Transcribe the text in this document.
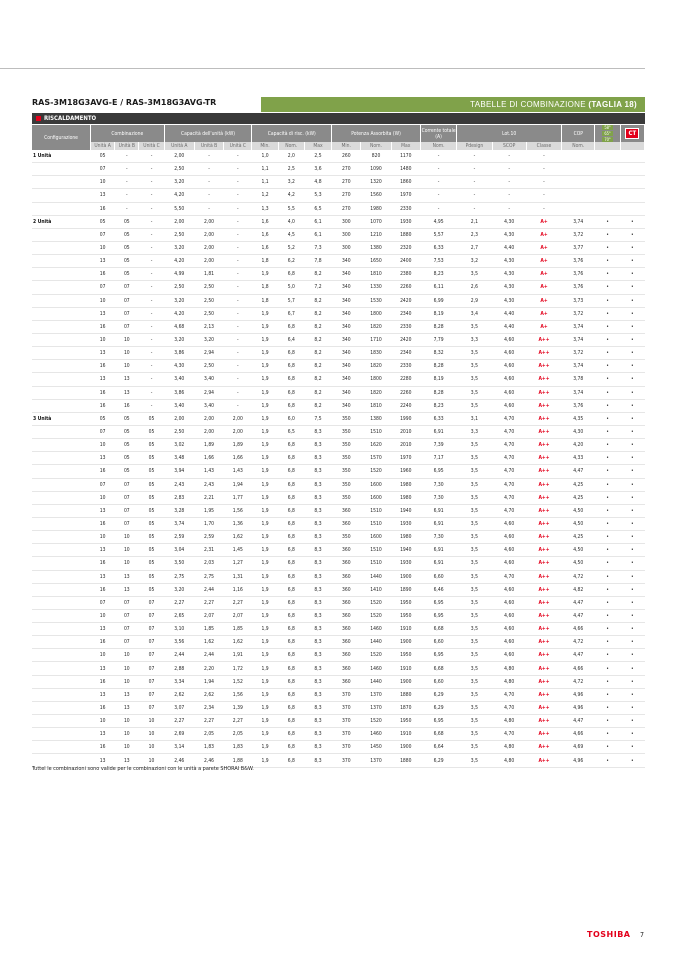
RAS-3M18G3AVG-E / RAS-3M18G3AVG-TR	TABELLE DI COMBINAZIONE (TAGLIA 18)
RISCALDAMENTO
Configurazione	Combinazione			Capacità dell'unità (kW)			Capacità di risc. (kW)			Potenza Assorbita (W)			Corrente totale (A)	Lot.10			COP	58°
65°
70°	CT
	Unità A	Unità B	Unità C	Unità A	Unità B	Unità C	Min.	Nom.	Max	Min.	Nom.	Max	Nom.	Pdesign	SCOP	Classe	Nom.		
1 Unità	05	-	-	2,00	-	-	1,0	2,0	2,5	260	820	1170	-	-	-	-			
	07	-	-	2,50	-	-	1,1	2,5	3,6	270	1090	1480	-	-	-	-			
	10	-	-	3,20	-	-	1,1	3,2	4,8	270	1320	1860	-	-	-	-			
	13	-	-	4,20	-	-	1,2	4,2	5,3	270	1560	1970	-	-	-	-			
	16	-	-	5,50	-	-	1,3	5,5	6,5	270	1980	2330	-	-	-	-			
2 Unità	05	05	-	2,00	2,00	-	1,6	4,0	6,1	300	1070	1930	4,95	2,1	4,30	A+	3,74	•	•
	07	05	-	2,50	2,00	-	1,6	4,5	6,1	300	1210	1880	5,57	2,3	4,30	A+	3,72	•	•
	10	05	-	3,20	2,00	-	1,6	5,2	7,3	300	1380	2320	6,33	2,7	4,40	A+	3,77	•	•
	13	05	-	4,20	2,00	-	1,8	6,2	7,8	340	1650	2400	7,53	3,2	4,30	A+	3,76	•	•
	16	05	-	4,99	1,81	-	1,9	6,8	8,2	340	1810	2380	8,23	3,5	4,30	A+	3,76	•	•
	07	07	-	2,50	2,50	-	1,8	5,0	7,2	340	1330	2260	6,11	2,6	4,30	A+	3,76	•	•
	10	07	-	3,20	2,50	-	1,8	5,7	8,2	340	1530	2420	6,99	2,9	4,30	A+	3,73	•	•
	13	07	-	4,20	2,50	-	1,9	6,7	8,2	340	1800	2340	8,19	3,4	4,40	A+	3,72	•	•
	16	07	-	4,68	2,13	-	1,9	6,8	8,2	340	1820	2330	8,28	3,5	4,40	A+	3,74	•	•
	10	10	-	3,20	3,20	-	1,9	6,4	8,2	340	1710	2420	7,79	3,3	4,60	A++	3,74	•	•
	13	10	-	3,86	2,94	-	1,9	6,8	8,2	340	1830	2340	8,32	3,5	4,60	A++	3,72	•	•
	16	10	-	4,30	2,50	-	1,9	6,8	8,2	340	1820	2330	8,28	3,5	4,60	A++	3,74	•	•
	13	13	-	3,40	3,40	-	1,9	6,8	8,2	340	1800	2280	8,19	3,5	4,60	A++	3,78	•	•
	16	13	-	3,86	2,94	-	1,9	6,8	8,2	340	1820	2260	8,28	3,5	4,60	A++	3,74	•	•
	16	16	-	3,40	3,40	-	1,9	6,8	8,2	340	1810	2240	8,23	3,5	4,60	A++	3,76	•	•
3 Unità	05	05	05	2,00	2,00	2,00	1,9	6,0	7,5	350	1380	1990	6,33	3,1	4,70	A++	4,35	•	•
	07	05	05	2,50	2,00	2,00	1,9	6,5	8,3	350	1510	2010	6,91	3,3	4,70	A++	4,30	•	•
	10	05	05	3,02	1,89	1,89	1,9	6,8	8,3	350	1620	2010	7,39	3,5	4,70	A++	4,20	•	•
	13	05	05	3,48	1,66	1,66	1,9	6,8	8,3	350	1570	1970	7,17	3,5	4,70	A++	4,33	•	•
	16	05	05	3,94	1,43	1,43	1,9	6,8	8,3	350	1520	1960	6,95	3,5	4,70	A++	4,47	•	•
	07	07	05	2,43	2,43	1,94	1,9	6,8	8,3	350	1600	1980	7,30	3,5	4,70	A++	4,25	•	•
	10	07	05	2,83	2,21	1,77	1,9	6,8	8,3	350	1600	1980	7,30	3,5	4,70	A++	4,25	•	•
	13	07	05	3,28	1,95	1,56	1,9	6,8	8,3	360	1510	1940	6,91	3,5	4,70	A++	4,50	•	•
	16	07	05	3,74	1,70	1,36	1,9	6,8	8,3	360	1510	1930	6,91	3,5	4,60	A++	4,50	•	•
	10	10	05	2,59	2,59	1,62	1,9	6,8	8,3	350	1600	1980	7,30	3,5	4,60	A++	4,25	•	•
	13	10	05	3,04	2,31	1,45	1,9	6,8	8,3	360	1510	1940	6,91	3,5	4,60	A++	4,50	•	•
	16	10	05	3,50	2,03	1,27	1,9	6,8	8,3	360	1510	1930	6,91	3,5	4,60	A++	4,50	•	•
	13	13	05	2,75	2,75	1,31	1,9	6,8	8,3	360	1440	1900	6,60	3,5	4,70	A++	4,72	•	•
	16	13	05	3,20	2,44	1,16	1,9	6,8	8,3	360	1410	1890	6,46	3,5	4,60	A++	4,82	•	•
	07	07	07	2,27	2,27	2,27	1,9	6,8	8,3	360	1520	1950	6,95	3,5	4,60	A++	4,47	•	•
	10	07	07	2,65	2,07	2,07	1,9	6,8	8,3	360	1520	1950	6,95	3,5	4,60	A++	4,47	•	•
	13	07	07	3,10	1,85	1,85	1,9	6,8	8,3	360	1460	1910	6,68	3,5	4,60	A++	4,66	•	•
	16	07	07	3,56	1,62	1,62	1,9	6,8	8,3	360	1440	1900	6,60	3,5	4,60	A++	4,72	•	•
	10	10	07	2,44	2,44	1,91	1,9	6,8	8,3	360	1520	1950	6,95	3,5	4,60	A++	4,47	•	•
	13	10	07	2,88	2,20	1,72	1,9	6,8	8,3	360	1460	1910	6,68	3,5	4,80	A++	4,66	•	•
	16	10	07	3,34	1,94	1,52	1,9	6,8	8,3	360	1440	1900	6,60	3,5	4,80	A++	4,72	•	•
	13	13	07	2,62	2,62	1,56	1,9	6,8	8,3	370	1370	1880	6,29	3,5	4,70	A++	4,96	•	•
	16	13	07	3,07	2,34	1,39	1,9	6,8	8,3	370	1370	1870	6,29	3,5	4,70	A++	4,96	•	•
	10	10	10	2,27	2,27	2,27	1,9	6,8	8,3	370	1520	1950	6,95	3,5	4,80	A++	4,47	•	•
	13	10	10	2,69	2,05	2,05	1,9	6,8	8,3	370	1460	1910	6,68	3,5	4,70	A++	4,66	•	•
	16	10	10	3,14	1,83	1,83	1,9	6,8	8,3	370	1450	1900	6,64	3,5	4,80	A++	4,69	•	•
	13	13	10	2,46	2,46	1,88	1,9	6,8	8,3	370	1370	1880	6,29	3,5	4,80	A++	4,96	•	•
Tuttel le combinazioni sono valide per le combinazioni con le unità a parete SHORAI B&W.
TOSHIBA 7
